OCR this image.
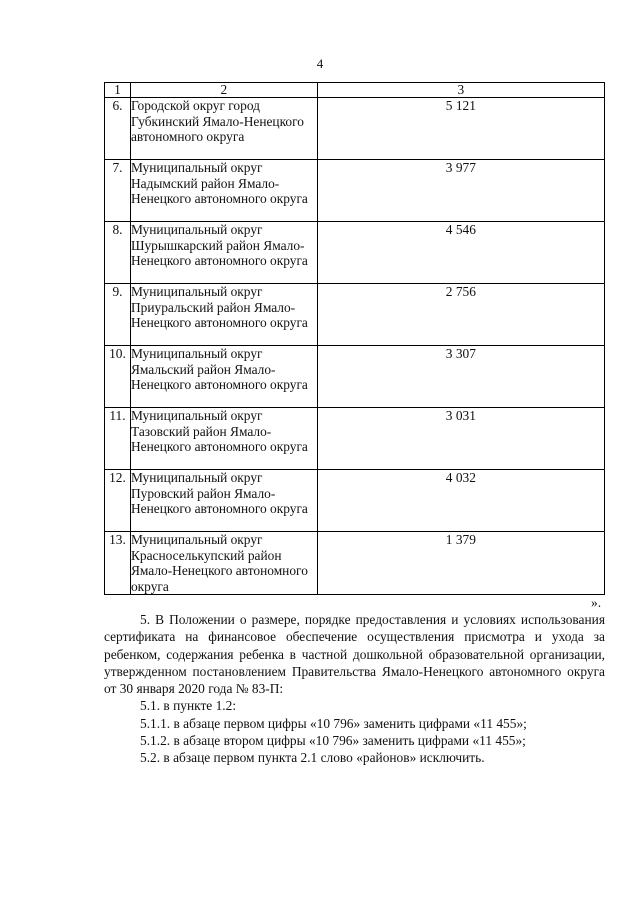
4
1	2	3
6.	Городской округ город Губкинский Ямало-Ненецкого автономного округа	5 121
7.	Муниципальный округ Надымский район Ямало-Ненецкого автономного округа	3 977
8.	Муниципальный округ Шурышкарский район Ямало-Ненецкого автономного округа	4 546
9.	Муниципальный округ Приуральский район Ямало-Ненецкого автономного округа	2 756
10.	Муниципальный округ Ямальский район Ямало-Ненецкого автономного округа	3 307
11.	Муниципальный округ Тазовский район Ямало-Ненецкого автономного округа	3 031
12.	Муниципальный округ Пуровский район Ямало-Ненецкого автономного округа	4 032
13.	Муниципальный округ Красноселькупский район Ямало-Ненецкого автономного округа	1 379
».

5. В Положении о размере, порядке предоставления и условиях использования сертификата на финансовое обеспечение осуществления присмотра и ухода за ребенком, содержания ребенка в частной дошкольной образовательной организации, утвержденном постановлением Правительства Ямало-Ненецкого автономного округа от 30 января 2020 года № 83-П:

5.1. в пункте 1.2:

5.1.1. в абзаце первом цифры «10 796» заменить цифрами «11 455»;

5.1.2. в абзаце втором цифры «10 796» заменить цифрами «11 455»;

5.2. в абзаце первом пункта 2.1 слово «районов» исключить.
